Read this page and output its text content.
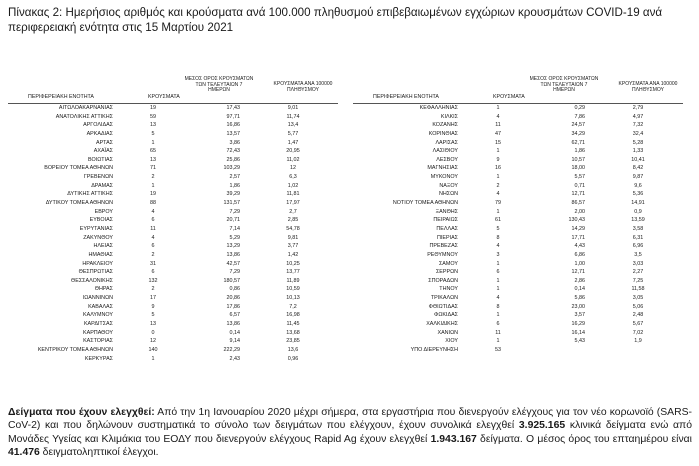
Πίνακας 2: Ημερήσιος αριθμός και κρούσματα ανά 100.000 πληθυσμού επιβεβαιωμένων εγχώριων κρουσμάτων COVID-19 ανά περιφερειακή ενότητα στις 15 Μαρτίου 2021
ΜΕΣΟΣ ΟΡΟΣ ΚΡΟΥΣΜΑΤΩΝ
ΤΩΝ ΤΕΛΕΥΤΑΙΩΝ 7
ΗΜΕΡΩΝ
ΚΡΟΥΣΜΑΤΑ ΑΝΑ 100000
ΠΛΗΘΥΣΜΟΥ
ΠΕΡΙΦΕΡΕΙΑΚΗ ΕΝΟΤΗΤΑ	ΚΡΟΥΣΜΑΤΑ
ΑΙΤΩΛΟΑΚΑΡΝΑΝΙΑΣ	19	17,43	9,01
ΑΝΑΤΟΛΙΚΗΣ ΑΤΤΙΚΗΣ	59	97,71	11,74
ΑΡΓΟΛΙΔΑΣ	13	16,86	13,4
ΑΡΚΑΔΙΑΣ	5	13,57	5,77
ΑΡΤΑΣ	1	3,86	1,47
ΑΧΑΪΑΣ	65	72,43	20,95
ΒΟΙΩΤΙΑΣ	13	25,86	11,02
ΒΟΡΕΙΟΥ ΤΟΜΕΑ ΑΘΗΝΩΝ	71	103,29	12
ΓΡΕΒΕΝΩΝ	2	2,57	6,3
ΔΡΑΜΑΣ	1	1,86	1,02
ΔΥΤΙΚΗΣ ΑΤΤΙΚΗΣ	19	39,29	11,81
ΔΥΤΙΚΟΥ ΤΟΜΕΑ ΑΘΗΝΩΝ	88	131,57	17,97
ΕΒΡΟΥ	4	7,29	2,7
ΕΥΒΟΙΑΣ	6	20,71	2,85
ΕΥΡΥΤΑΝΙΑΣ	11	7,14	54,78
ΖΑΚΥΝΘΟΥ	4	5,29	9,81
ΗΛΕΙΑΣ	6	13,29	3,77
ΗΜΑΘΙΑΣ	2	13,86	1,42
ΗΡΑΚΛΕΙΟΥ	31	42,57	10,25
ΘΕΣΠΡΩΤΙΑΣ	6	7,29	13,77
ΘΕΣΣΑΛΟΝΙΚΗΣ	132	180,57	11,89
ΘΗΡΑΣ	2	0,86	10,59
ΙΩΑΝΝΙΝΩΝ	17	20,86	10,13
ΚΑΒΑΛΑΣ	9	17,86	7,2
ΚΑΛΥΜΝΟΥ	5	6,57	16,98
ΚΑΡΔΙΤΣΑΣ	13	13,86	11,45
ΚΑΡΠΑΘΟΥ	0	0,14	13,68
ΚΑΣΤΟΡΙΑΣ	12	9,14	23,85
ΚΕΝΤΡΙΚΟΥ ΤΟΜΕΑ ΑΘΗΝΩΝ	140	222,29	13,6
ΚΕΡΚΥΡΑΣ	1	2,43	0,96
ΜΕΣΟΣ ΟΡΟΣ ΚΡΟΥΣΜΑΤΩΝ
ΤΩΝ ΤΕΛΕΥΤΑΙΩΝ 7
ΗΜΕΡΩΝ
ΚΡΟΥΣΜΑΤΑ ΑΝΑ 100000
ΠΛΗΘΥΣΜΟΥ
ΠΕΡΙΦΕΡΕΙΑΚΗ ΕΝΟΤΗΤΑ	ΚΡΟΥΣΜΑΤΑ
ΚΕΦΑΛΛΗΝΙΑΣ	1	0,29	2,79
ΚΙΛΚΙΣ	4	7,86	4,97
ΚΟΖΑΝΗΣ	11	24,57	7,32
ΚΟΡΙΝΘΙΑΣ	47	34,29	32,4
ΛΑΡΙΣΑΣ	15	62,71	5,28
ΛΑΣΙΘΙΟΥ	1	1,86	1,33
ΛΕΣΒΟΥ	9	10,57	10,41
ΜΑΓΝΗΣΙΑΣ	16	18,00	8,42
ΜΥΚΟΝΟΥ	1	5,57	9,87
ΝΑΞΟΥ	2	0,71	9,6
ΝΗΣΩΝ	4	12,71	5,36
ΝΟΤΙΟΥ ΤΟΜΕΑ ΑΘΗΝΩΝ	79	86,57	14,91
ΞΑΝΘΗΣ	1	2,00	0,9
ΠΕΙΡΑΙΩΣ	61	130,43	13,59
ΠΕΛΛΑΣ	5	14,29	3,58
ΠΙΕΡΙΑΣ	8	17,71	6,31
ΠΡΕΒΕΖΑΣ	4	4,43	6,96
ΡΕΘΥΜΝΟΥ	3	6,86	3,5
ΣΑΜΟΥ	1	1,00	3,03
ΣΕΡΡΩΝ	6	12,71	2,27
ΣΠΟΡΑΔΩΝ	1	2,86	7,25
ΤΗΝΟΥ	1	0,14	11,58
ΤΡΙΚΑΛΩΝ	4	5,86	3,05
ΦΘΙΩΤΙΔΑΣ	8	23,00	5,06
ΦΩΚΙΔΑΣ	1	3,57	2,48
ΧΑΛΚΙΔΙΚΗΣ	6	16,29	5,67
ΧΑΝΙΩΝ	11	16,14	7,02
ΧΙΟΥ	1	5,43	1,9
ΥΠΟ ΔΙΕΡΕΥΝΗΣΗ	53
Δείγματα που έχουν ελεγχθεί: Από την 1η Ιανουαρίου 2020 μέχρι σήμερα, στα εργαστήρια που διενεργούν ελέγχους για τον νέο κορωνοϊό (SARS-CoV-2) και που δηλώνουν συστηματικά το σύνολο των δειγμάτων που ελέγχουν, έχουν συνολικά ελεγχθεί 3.925.165 κλινικά δείγματα ενώ από Μονάδες Υγείας και Κλιμάκια του ΕΟΔΥ που διενεργούν ελέγχους Rapid Ag έχουν ελεγχθεί 1.943.167 δείγματα. Ο μέσος όρος του επταημέρου είναι 41.476 δειγματοληπτικοί έλεγχοι.
